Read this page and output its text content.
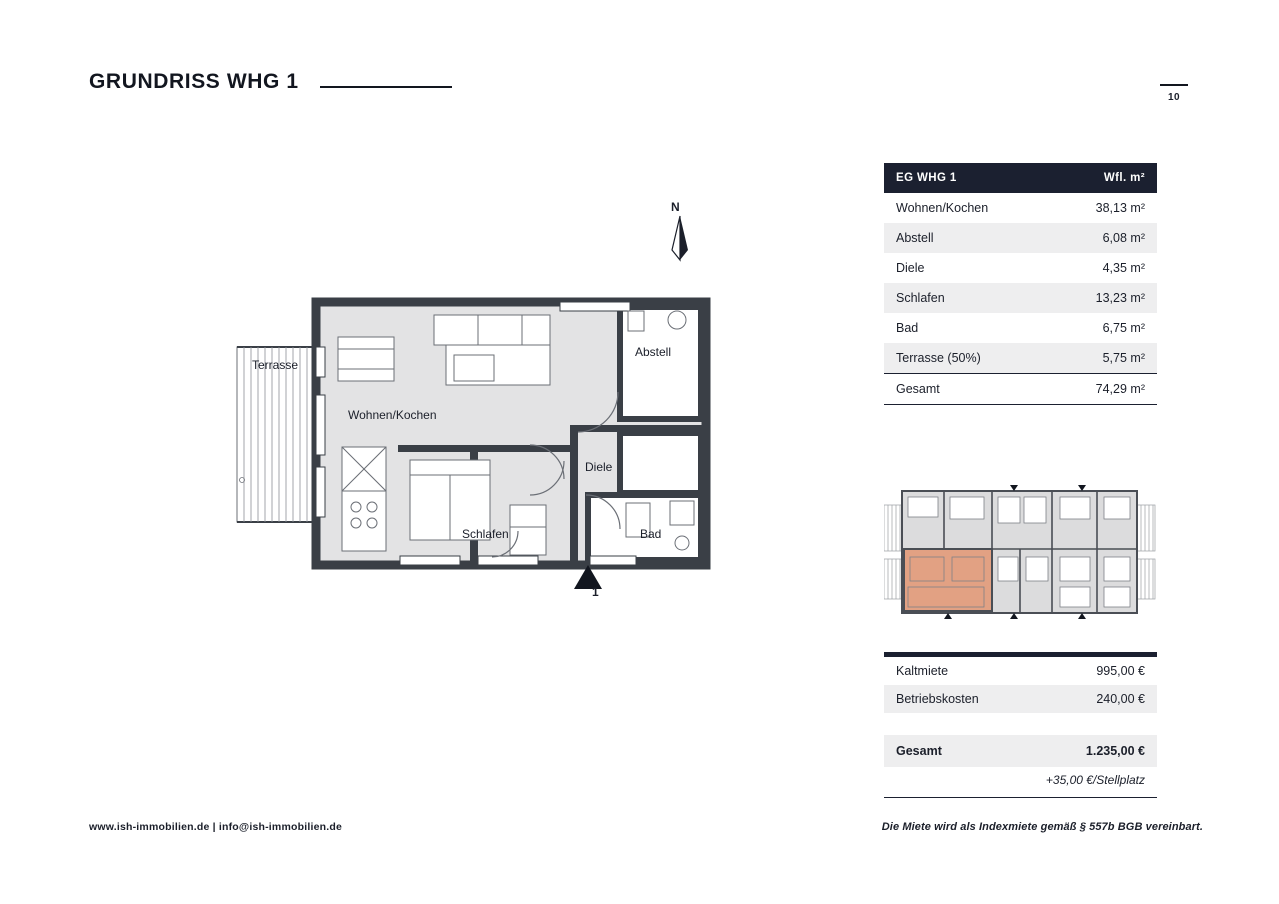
GRUNDRISS WHG 1
10
N
Terrasse
Wohnen/Kochen
Abstell
Diele
Schlafen	Bad
1
EG WHG 1	Wfl. m²
Wohnen/Kochen	38,13 m²
Abstell	6,08 m²
Diele	4,35 m²
Schlafen	13,23 m²
Bad	6,75 m²
Terrasse (50%)	5,75 m²
Gesamt	74,29 m²
Kaltmiete	995,00 €
Betriebskosten	240,00 €

Gesamt	1.235,00 €
+35,00 €/Stellplatz
www.ish-immobilien.de | info@ish-immobilien.de	Die Miete wird als Indexmiete gemäß § 557b BGB vereinbart.
